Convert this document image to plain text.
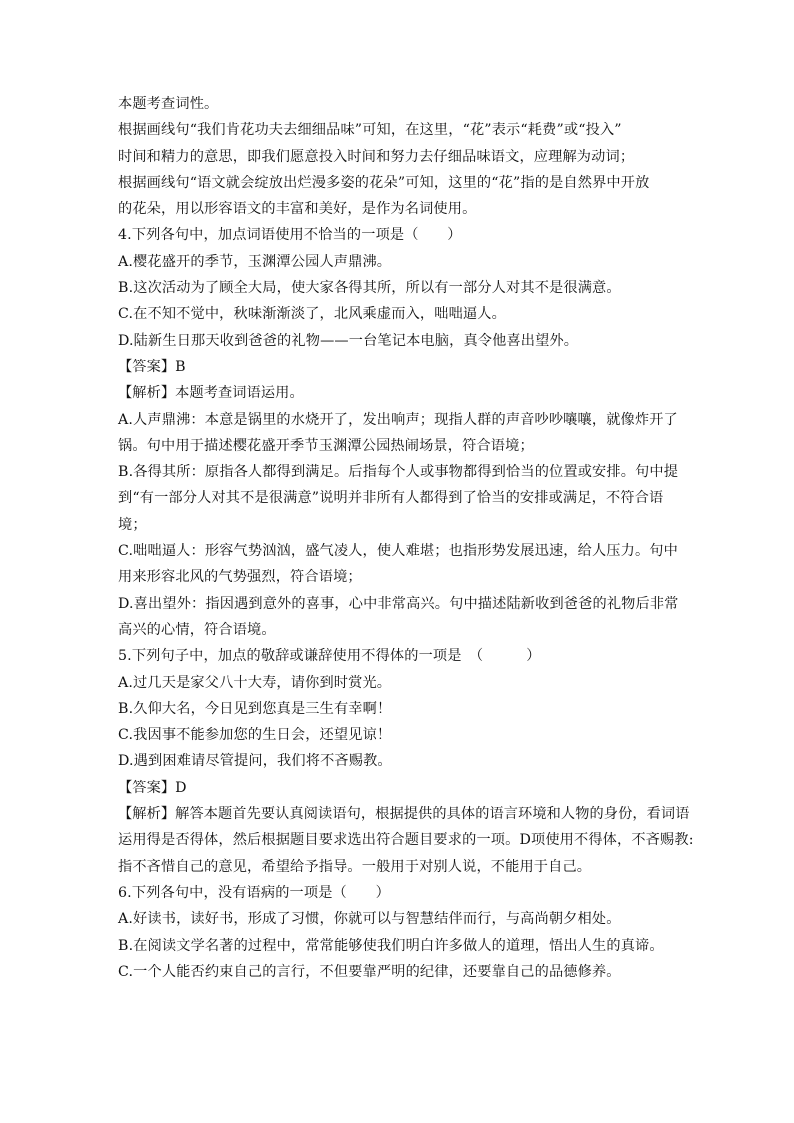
本题考查词性。
根据画线句“我们肯花功夫去细细品味”可知，在这里，“花”表示“耗费”或“投入”
时间和精力的意思，即我们愿意投入时间和努力去仔细品味语文，应理解为动词；
根据画线句“语文就会绽放出烂漫多姿的花朵”可知，这里的“花”指的是自然界中开放
的花朵，用以形容语文的丰富和美好，是作为名词使用。
4.下列各句中，加点词语使用不恰当的一项是（　　）
A.樱花盛开的季节，玉渊潭公园人声鼎沸。
B.这次活动为了顾全大局，使大家各得其所，所以有一部分人对其不是很满意。
C.在不知不觉中，秋味渐渐淡了，北风乘虚而入，咄咄逼人。
D.陆新生日那天收到爸爸的礼物——一台笔记本电脑，真令他喜出望外。
【答案】B
【解析】本题考查词语运用。
A.人声鼎沸：本意是锅里的水烧开了，发出响声；现指人群的声音吵吵嚷嚷，就像炸开了
锅。句中用于描述樱花盛开季节玉渊潭公园热闹场景，符合语境；
B.各得其所：原指各人都得到满足。后指每个人或事物都得到恰当的位置或安排。句中提
到“有一部分人对其不是很满意”说明并非所有人都得到了恰当的安排或满足，不符合语
境；
C.咄咄逼人：形容气势汹汹，盛气凌人，使人难堪；也指形势发展迅速，给人压力。句中
用来形容北风的气势强烈，符合语境；
D.喜出望外：指因遇到意外的喜事，心中非常高兴。句中描述陆新收到爸爸的礼物后非常
高兴的心情，符合语境。
5.下列句子中，加点的敬辞或谦辞使用不得体的一项是　（　　　）
A.过几天是家父八十大寿，请你到时赏光。
B.久仰大名，今日见到您真是三生有幸啊！
C.我因事不能参加您的生日会，还望见谅！
D.遇到困难请尽管提问，我们将不吝赐教。
【答案】D
【解析】解答本题首先要认真阅读语句，根据提供的具体的语言环境和人物的身份，看词语
运用得是否得体，然后根据题目要求选出符合题目要求的一项。D项使用不得体，不吝赐教:
指不吝惜自己的意见，希望给予指导。一般用于对别人说，不能用于自己。
6.下列各句中，没有语病的一项是（　　）
A.好读书，读好书，形成了习惯，你就可以与智慧结伴而行，与高尚朝夕相处。
B.在阅读文学名著的过程中，常常能够使我们明白许多做人的道理，悟出人生的真谛。
C.一个人能否约束自己的言行，不但要靠严明的纪律，还要靠自己的品德修养。
